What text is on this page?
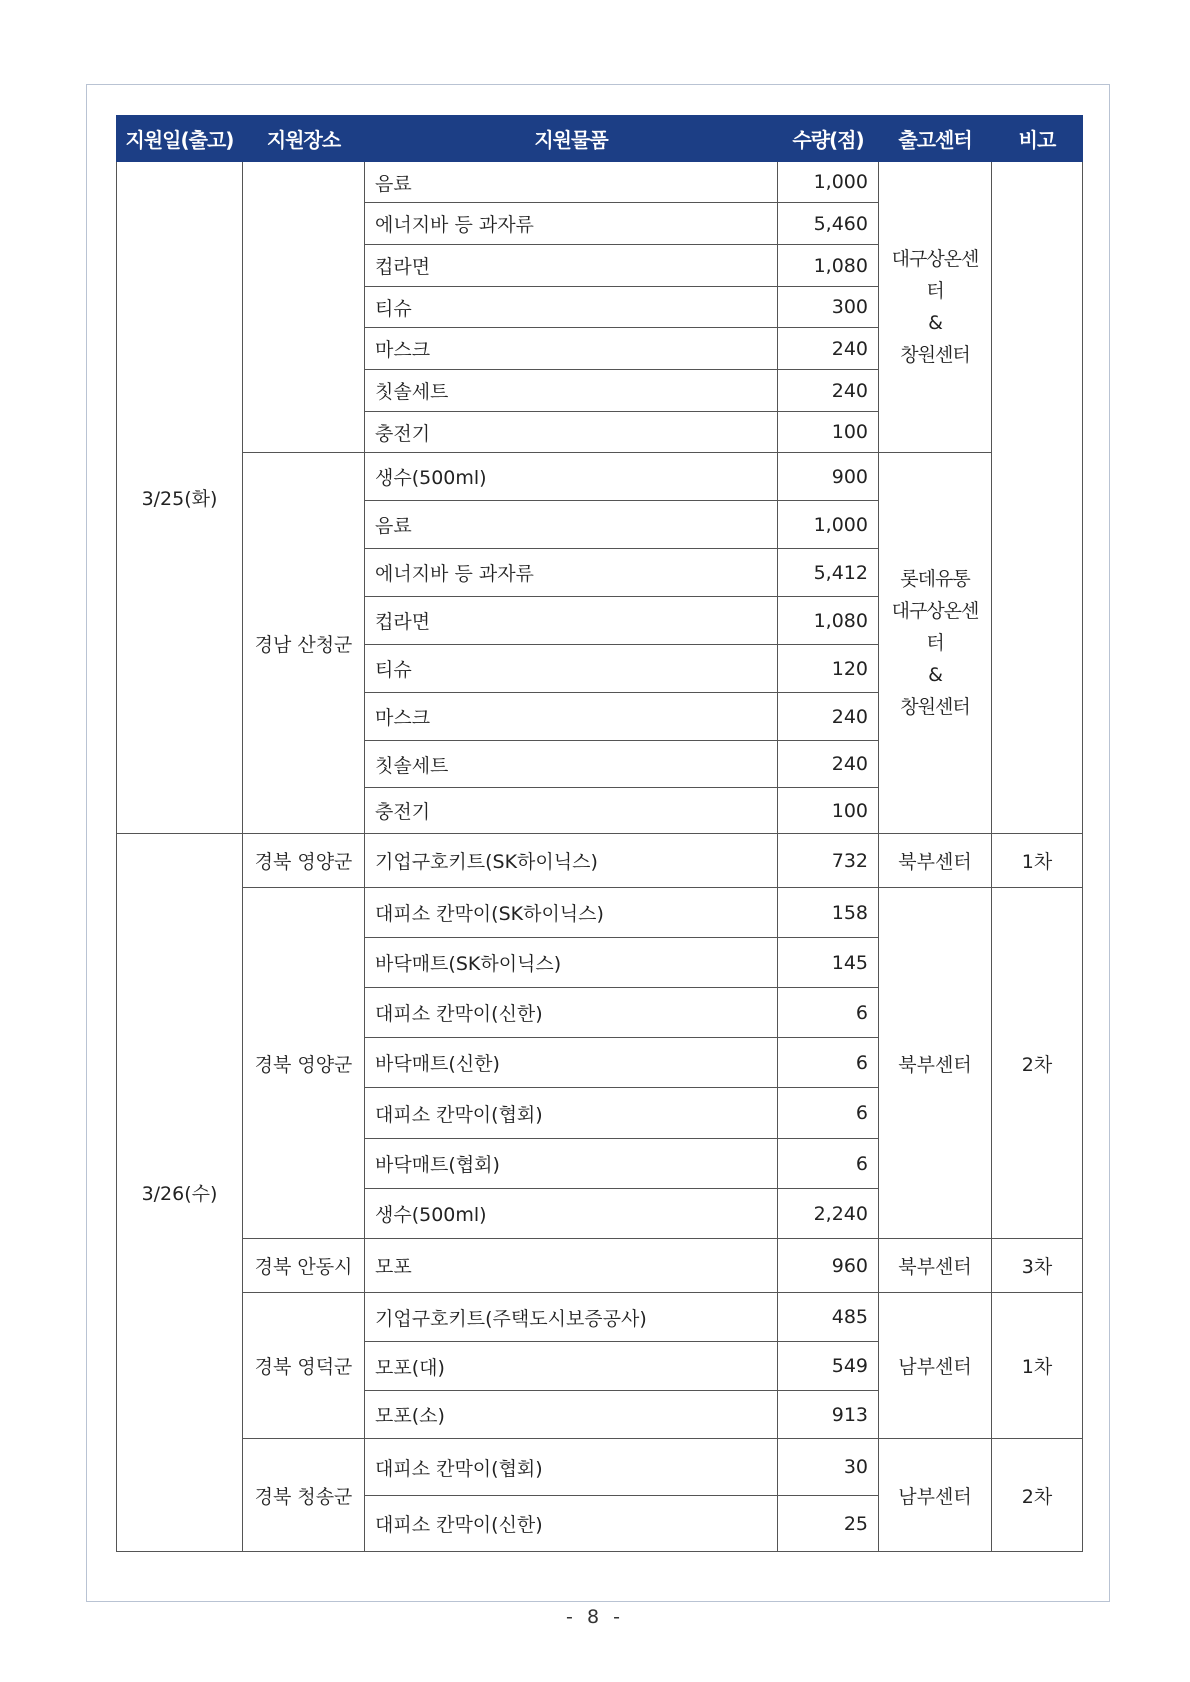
지원일(출고)	지원장소	지원물품	수량(점)	출고센터	비고
3/25(화)		음료	1,000	대구상온센터
&
창원센터	
		에너지바 등 과자류	5,460		
		컵라면	1,080		
		티슈	300		
		마스크	240		
		칫솔세트	240		
		충전기	100		
	경남 산청군	생수(500ml)	900	롯데유통
대구상온센터
&
창원센터	
		음료	1,000		
		에너지바 등 과자류	5,412		
		컵라면	1,080		
		티슈	120		
		마스크	240		
		칫솔세트	240		
		충전기	100		
3/26(수)	경북 영양군	기업구호키트(SK하이닉스)	732	북부센터	1차
	경북 영양군	대피소 칸막이(SK하이닉스)	158	북부센터	2차
		바닥매트(SK하이닉스)	145		
		대피소 칸막이(신한)	6		
		바닥매트(신한)	6		
		대피소 칸막이(협회)	6		
		바닥매트(협회)	6		
		생수(500ml)	2,240		
	경북 안동시	모포	960	북부센터	3차
	경북 영덕군	기업구호키트(주택도시보증공사)	485	남부센터	1차
		모포(대)	549		
		모포(소)	913		
	경북 청송군	대피소 칸막이(협회)	30	남부센터	2차
		대피소 칸막이(신한)	25		
- 8 -
